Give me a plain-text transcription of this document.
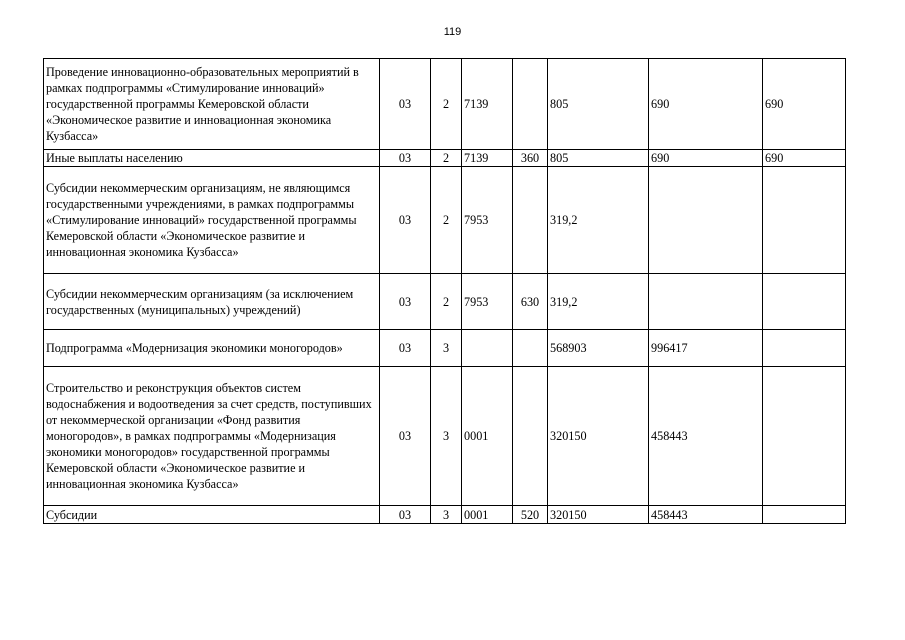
119
Проведение инновационно-образовательных мероприятий в рамках подпрограммы «Стимулирование инноваций» государственной программы Кемеровской области «Экономическое развитие и инновационная экономика Кузбасса»	03	2	7139		805	690	690
Иные выплаты населению	03	2	7139	360	805	690	690
Субсидии некоммерческим организациям, не являющимся государственными учреждениями, в рамках подпрограммы «Стимулирование инноваций» государственной программы Кемеровской области «Экономическое развитие и инновационная экономика Кузбасса»	03	2	7953		319,2		
Субсидии некоммерческим организациям (за исключением государственных (муниципальных) учреждений)	03	2	7953	630	319,2		
Подпрограмма «Модернизация экономики моногородов»	03	3			568903	996417	
Строительство и реконструкция объектов систем водоснабжения и водоотведения за счет средств, поступивших от некоммерческой организации «Фонд развития моногородов», в рамках подпрограммы «Модернизация экономики моногородов» государственной программы Кемеровской области «Экономическое развитие и инновационная экономика Кузбасса»	03	3	0001		320150	458443	
Субсидии	03	3	0001	520	320150	458443	
